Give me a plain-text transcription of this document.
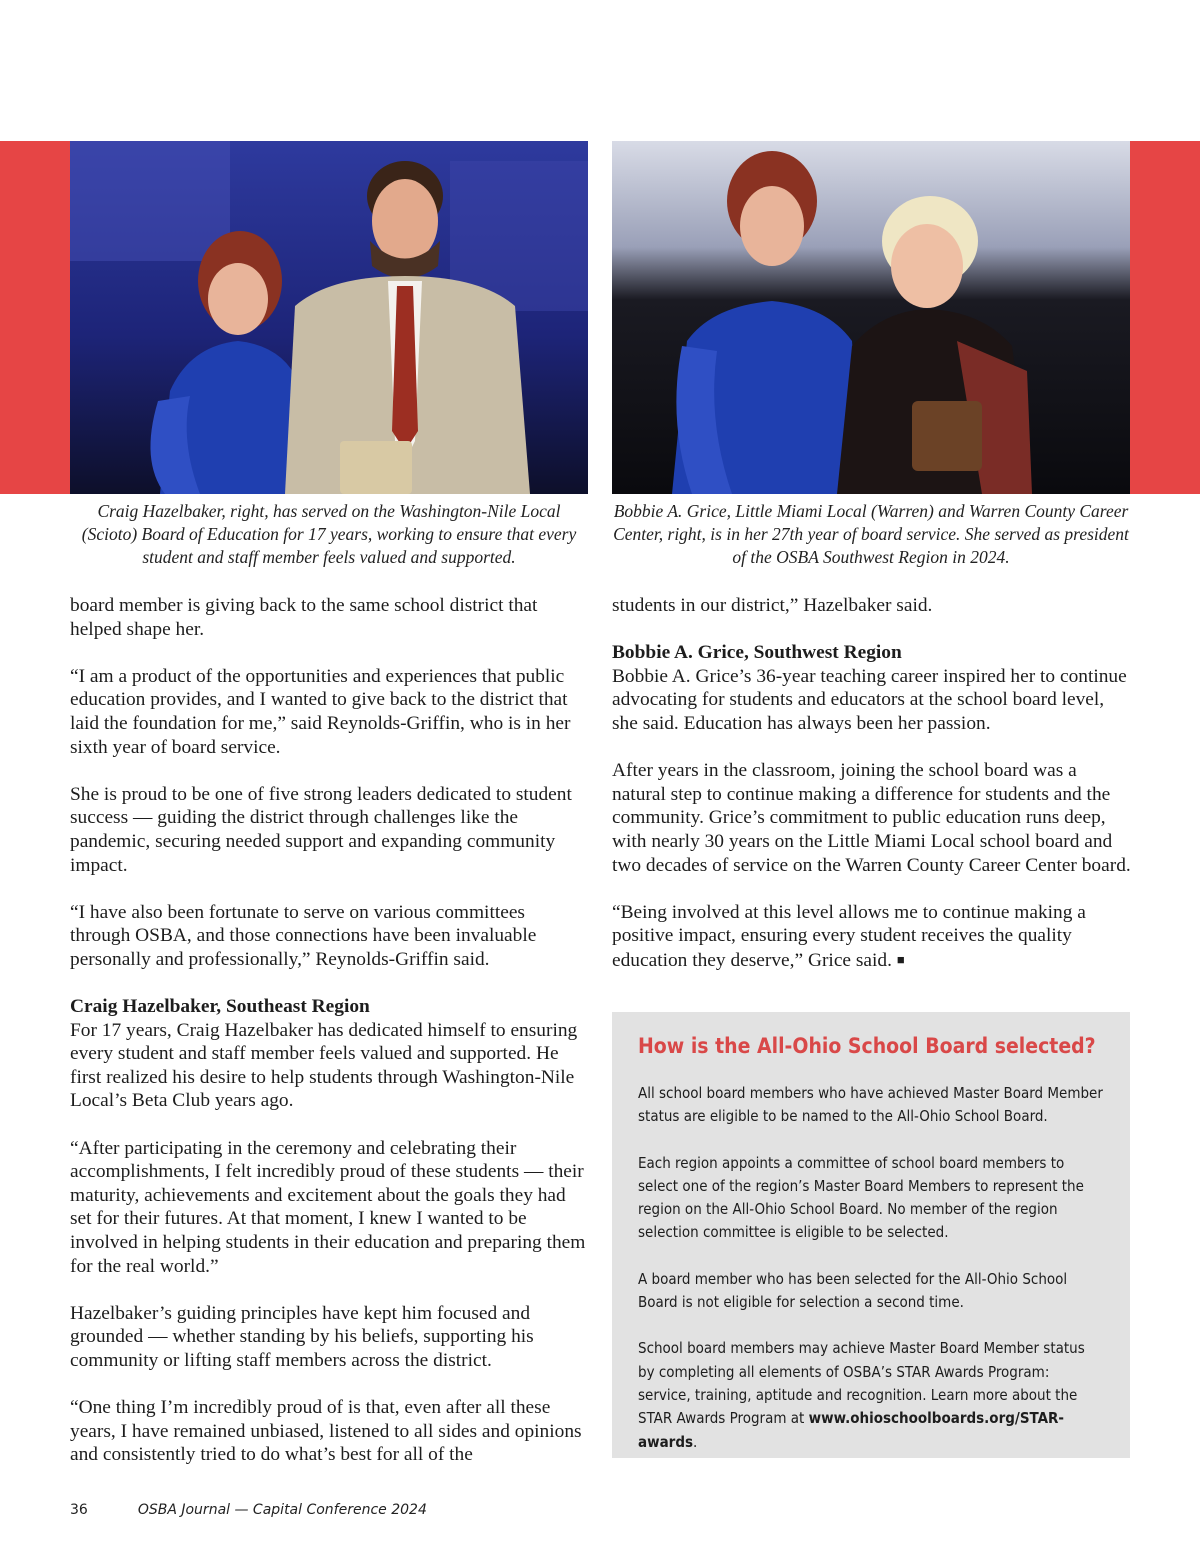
Craig Hazelbaker, right, has served on the Washington-Nile Local (Scioto) Board of Education for 17 years, working to ensure that every student and staff member feels valued and supported.
Bobbie A. Grice, Little Miami Local (Warren) and Warren County Career Center, right, is in her 27th year of board service. She served as president of the OSBA Southwest Region in 2024.

board member is giving back to the same school district that helped shape her.

“I am a product of the opportunities and experiences that public education provides, and I wanted to give back to the district that laid the foundation for me,” said Reynolds-Griffin, who is in her sixth year of board service.

She is proud to be one of five strong leaders dedicated to student success — guiding the district through challenges like the pandemic, securing needed support and expanding community impact.

“I have also been fortunate to serve on various committees through OSBA, and those connections have been invaluable personally and professionally,” Reynolds-Griffin said.

Craig Hazelbaker, Southeast Region

For 17 years, Craig Hazelbaker has dedicated himself to ensuring every student and staff member feels valued and supported. He first realized his desire to help students through Washington-Nile Local’s Beta Club years ago.

“After participating in the ceremony and celebrating their accomplishments, I felt incredibly proud of these students — their maturity, achievements and excitement about the goals they had set for their futures. At that moment, I knew I wanted to be involved in helping students in their education and preparing them for the real world.”

Hazelbaker’s guiding principles have kept him focused and grounded — whether standing by his beliefs, supporting his community or lifting staff members across the district.

“One thing I’m incredibly proud of is that, even after all these years, I have remained unbiased, listened to all sides and opinions and consistently tried to do what’s best for all of the

students in our district,” Hazelbaker said.

Bobbie A. Grice, Southwest Region

Bobbie A. Grice’s 36-year teaching career inspired her to continue advocating for students and educators at the school board level, she said. Education has always been her passion.

After years in the classroom, joining the school board was a natural step to continue making a difference for students and the community. Grice’s commitment to public education runs deep, with nearly 30 years on the Little Miami Local school board and two decades of service on the Warren County Career Center board.

“Being involved at this level allows me to continue making a positive impact, ensuring every student receives the quality education they deserve,” Grice said. ■

How is the All-Ohio School Board selected?

All school board members who have achieved Master Board Member status are eligible to be named to the All-Ohio School Board.

Each region appoints a committee of school board members to select one of the region’s Master Board Members to represent the region on the All-Ohio School Board. No member of the region selection committee is eligible to be selected.

A board member who has been selected for the All-Ohio School Board is not eligible for selection a second time.

School board members may achieve Master Board Member status by completing all elements of OSBA’s STAR Awards Program: service, training, aptitude and recognition. Learn more about the STAR Awards Program at www.ohioschoolboards.org/STAR-awards.

36	OSBA Journal — Capital Conference 2024
